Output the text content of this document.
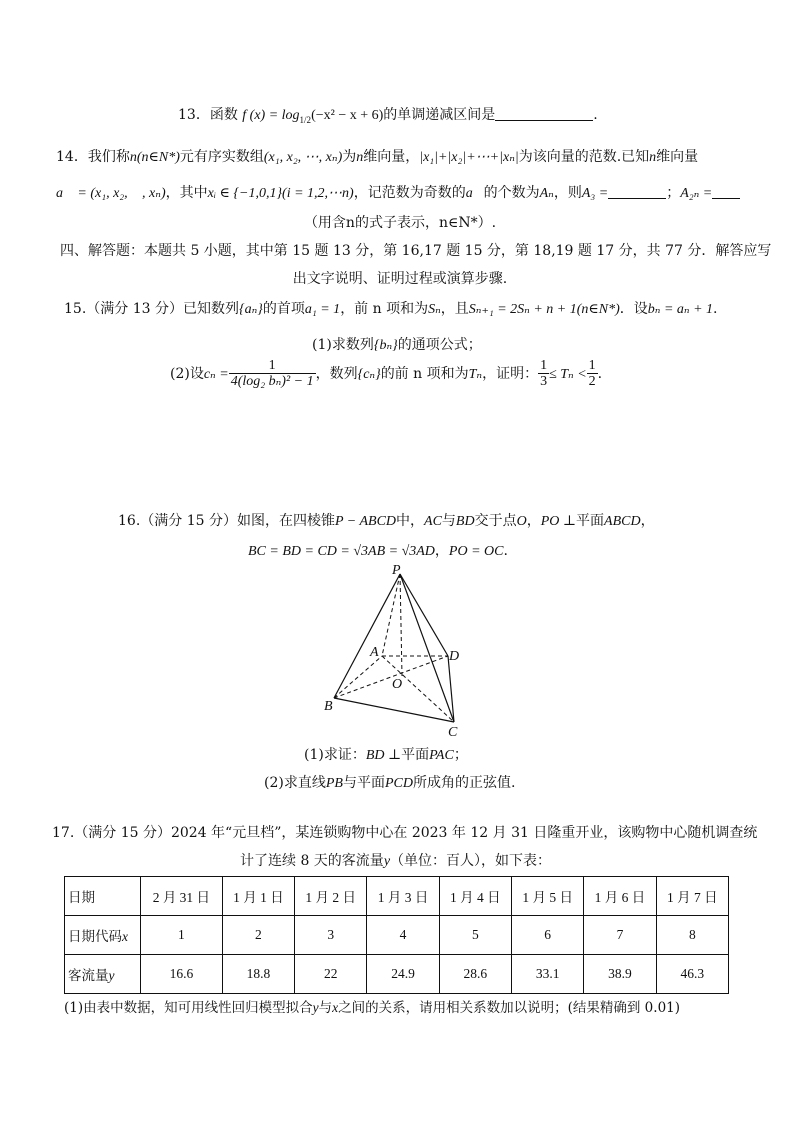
13．函数 f $(x) = \log_{1/2}(-x^2 - x + 6)$的单调递减区间是	.
14．我们称n(n∈N*)元有序实数组(x₁, x₂, ⋯, xₙ)为n维向量，|x₁|+|x₂|+⋯+|xₙ|为该向量的范数.已知n维向量
a⃗ = (x₁, x₂, ⋯, xₙ)，其中xᵢ ∈ {−1,0,1}(i = 1,2,⋯n)，记范数为奇数的a⃗的个数为Aₙ，则A₃ =	；A₂ₙ =
（用含n的式子表示，n∈N*）.
四、解答题：本题共 5 小题，其中第 15 题 13 分，第 16,17 题 15 分，第 18,19 题 17 分，共 77 分．解答应写
出文字说明、证明过程或演算步骤.
15.（满分 13 分）已知数列{aₙ}的首项a₁ = 1，前 n 项和为Sₙ，且Sₙ₊₁ = 2Sₙ + n + 1(n∈N*)．设bₙ = aₙ + 1.
(1)求数列{bₙ}的通项公式；
(2)设$c_n = \frac{1}{\text{4(log₂ bₙ)² − 1}}$ ，数列{cₙ}的前 n 项和为Tₙ，证明： $\frac{1}{3} \le T_n < \frac{1}{2}$ .
16.（满分 15 分）如图，在四棱锥P − ABCD中，AC与BD交于点O，PO ⊥平面ABCD，
BC = BD = CD = √3AB = √3AD，PO = OC.
P
A	D
O
B
C
(1)求证：BD ⊥平面PAC；
(2)求直线PB与平面PCD所成角的正弦值.
17.（满分 15 分）2024 年“元旦档”，某连锁购物中心在 2023 年 12 月 31 日隆重开业，该购物中心随机调查统
计了连续 8 天的客流量y（单位：百人），如下表：
日期	2 月 31 日	1 月 1 日	1 月 2 日	1 月 3 日	1 月 4 日	1 月 5 日	1 月 6 日	1 月 7 日
日期代码x	1	2	3	4	5	6	7	8
客流量y	16.6	18.8	22	24.9	28.6	33.1	38.9	46.3
(1)由表中数据，知可用线性回归模型拟合y与x之间的关系，请用相关系数加以说明；(结果精确到 0.01)
